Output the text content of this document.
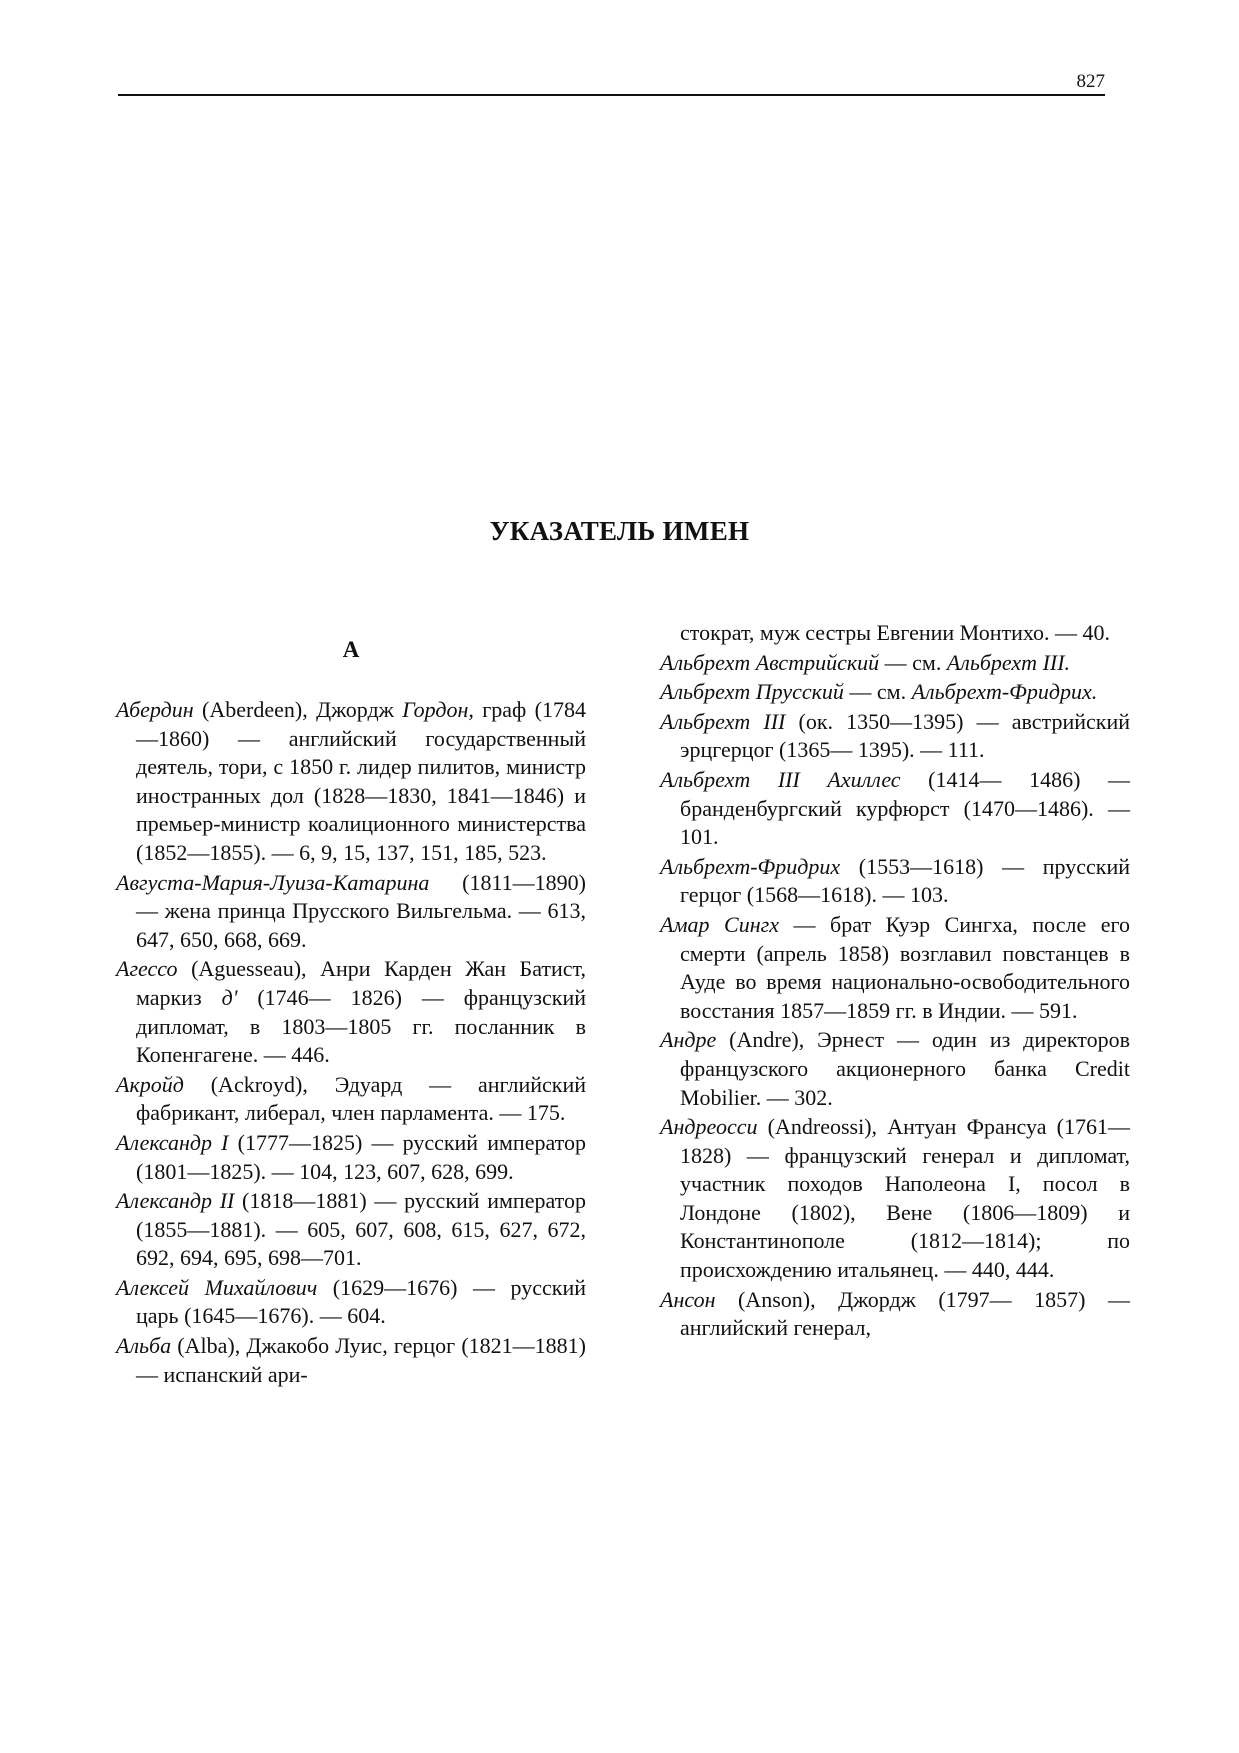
827
УКАЗАТЕЛЬ ИМЕН
А

Абердин (Aberdeen), Джордж Гордон, граф (1784—1860) — английский государственный деятель, тори, с 1850 г. лидер пилитов, министр иностранных дол (1828—1830, 1841—1846) и премьер-министр коалиционного министерства (1852—1855). — 6, 9, 15, 137, 151, 185, 523.

Августа-Мария-Луиза-Катарина (1811—1890) — жена принца Прусского Вильгельма. — 613, 647, 650, 668, 669.

Агессо (Aguesseau), Анри Карден Жан Батист, маркиз д' (1746— 1826) — французский дипломат, в 1803—1805 гг. посланник в Копенгагене. — 446.

Акройд (Ackroyd), Эдуард — английский фабрикант, либерал, член парламента. — 175.

Александр I (1777—1825) — русский император (1801—1825). — 104, 123, 607, 628, 699.

Александр II (1818—1881) — русский император (1855—1881). — 605, 607, 608, 615, 627, 672, 692, 694, 695, 698—701.

Алексей Михайлович (1629—1676) — русский царь (1645—1676). — 604.

Альба (Alba), Джакобо Луис, герцог (1821—1881) — испанский ари-

стократ, муж сестры Евгении Монтихо. — 40.

Альбрехт Австрийский — см. Альбрехт III.

Альбрехт Прусский — см. Альбрехт-Фридрих.

Альбрехт III (ок. 1350—1395) — австрийский эрцгерцог (1365— 1395). — 111.

Альбрехт III Ахиллес (1414— 1486) — бранденбургский курфюрст (1470—1486). — 101.

Альбрехт-Фридрих (1553—1618) — прусский герцог (1568—1618). — 103.

Амар Сингх — брат Куэр Сингха, после его смерти (апрель 1858) возглавил повстанцев в Ауде во время национально-освободительного восстания 1857—1859 гг. в Индии. — 591.

Андре (Andre), Эрнест — один из директоров французского акционерного банка Credit Mobilier. — 302.

Андреосси (Andreossi), Антуан Франсуа (1761—1828) — французский генерал и дипломат, участник походов Наполеона I, посол в Лондоне (1802), Вене (1806—1809) и Константинополе (1812—1814); по происхождению итальянец. — 440, 444.

Ансон (Anson), Джордж (1797— 1857) — английский генерал,
